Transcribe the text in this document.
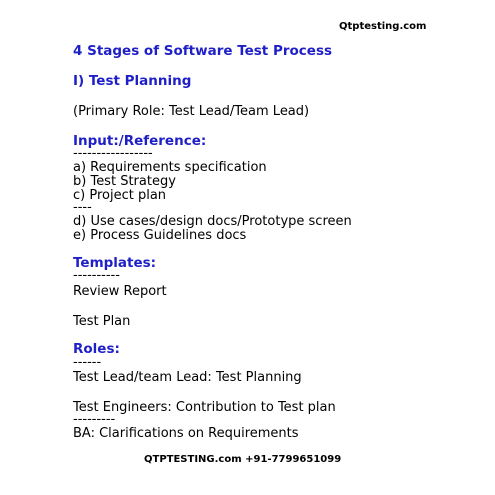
Qtptesting.com
4 Stages of Software Test Process
I) Test Planning
(Primary Role: Test Lead/Team Lead)
Input:/Reference:
-----------------
a) Requirements specification
b) Test Strategy
c) Project plan
----
d) Use cases/design docs/Prototype screen
e) Process Guidelines docs
Templates:
----------
Review Report
Test Plan
Roles:
------
Test Lead/team Lead: Test Planning
Test Engineers: Contribution to Test plan
---------
BA: Clarifications on Requirements
QTPTESTING.com +91-7799651099
